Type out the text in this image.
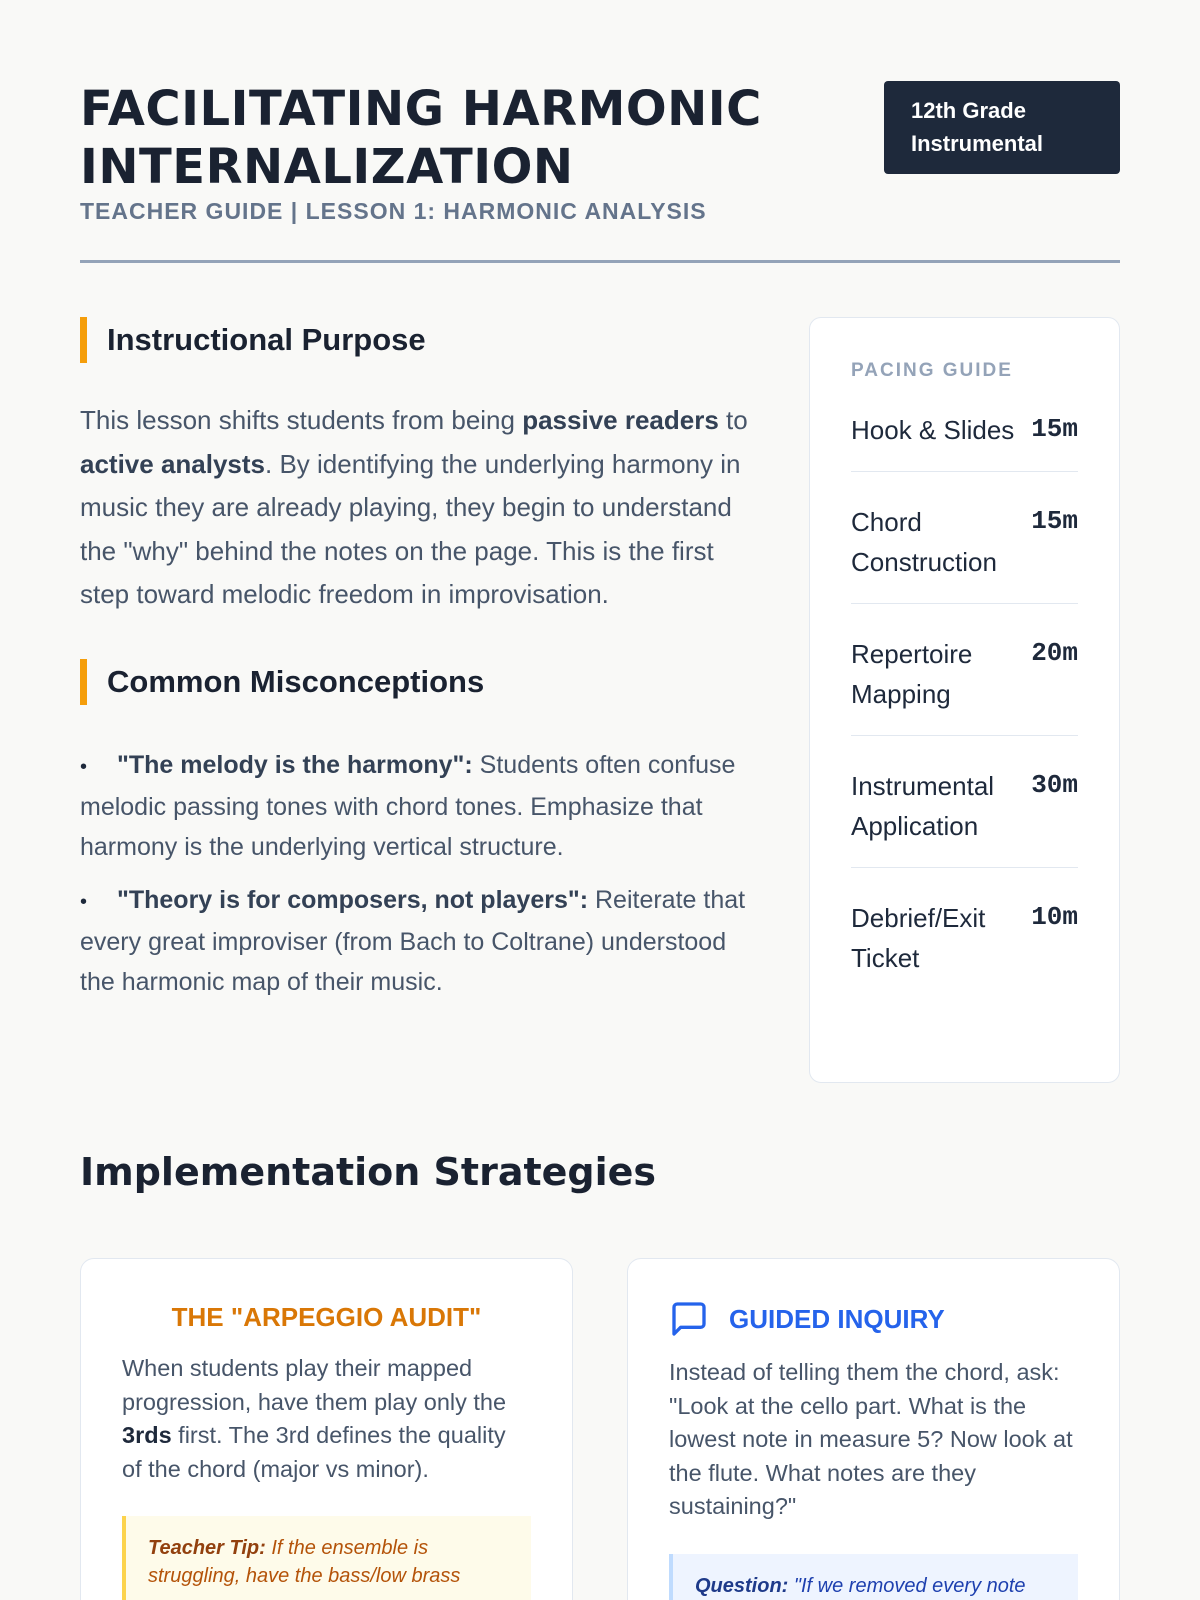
FACILITATING HARMONIC INTERNALIZATION
TEACHER GUIDE | LESSON 1: HARMONIC ANALYSIS
12th Grade Instrumental
Instructional Purpose

This lesson shifts students from being passive readers to active analysts. By identifying the underlying harmony in music they are already playing, they begin to understand the "why" behind the notes on the page. This is the first step toward melodic freedom in improvisation.

Common Misconceptions
• "The melody is the harmony": Students often confuse melodic passing tones with chord tones. Emphasize that harmony is the underlying vertical structure.
• "Theory is for composers, not players": Reiterate that every great improviser (from Bach to Coltrane) understood the harmonic map of their music.
PACING GUIDE
Hook & Slides 15m
Chord Construction
15m
Repertoire Mapping
20m
Instrumental Application
30m
Debrief/Exit Ticket
10m
Implementation Strategies
THE "ARPEGGIO AUDIT"

When students play their mapped progression, have them play only the 3rds first. The 3rd defines the quality of the chord (major vs minor).

Teacher Tip: If the ensemble is struggling, have the bass/low brass
GUIDED INQUIRY

Instead of telling them the chord, ask: "Look at the cello part. What is the lowest note in measure 5? Now look at the flute. What notes are they sustaining?"

Question: "If we removed every note
